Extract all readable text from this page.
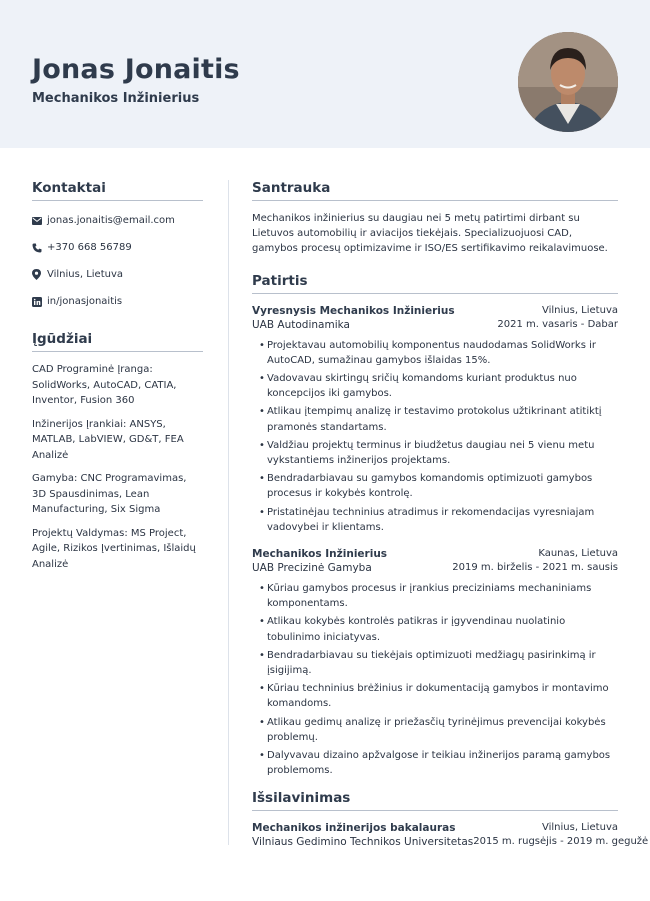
Jonas Jonaitis
Mechanikos Inžinierius
Kontaktai
jonas.jonaitis@email.com
+370 668 56789
Vilnius, Lietuva
in/jonasjonaitis
Įgūdžiai
CAD Programinė Įranga: SolidWorks, AutoCAD, CATIA, Inventor, Fusion 360
Inžinerijos Įrankiai: ANSYS, MATLAB, LabVIEW, GD&T, FEA Analizė
Gamyba: CNC Programavimas, 3D Spausdinimas, Lean Manufacturing, Six Sigma
Projektų Valdymas: MS Project, Agile, Rizikos Įvertinimas, Išlaidų Analizė
Santrauka
Mechanikos inžinierius su daugiau nei 5 metų patirtimi dirbant su Lietuvos automobilių ir aviacijos tiekėjais. Specializuojuosi CAD, gamybos procesų optimizavime ir ISO/ES sertifikavimo reikalavimuose.
Patirtis
Vyresnysis Mechanikos Inžinierius	Vilnius, Lietuva
UAB Autodinamika	2021 m. vasaris - Dabar
• Projektavau automobilių komponentus naudodamas SolidWorks ir AutoCAD, sumažinau gamybos išlaidas 15%.
• Vadovavau skirtingų sričių komandoms kuriant produktus nuo koncepcijos iki gamybos.
• Atlikau įtempimų analizę ir testavimo protokolus užtikrinant atitiktį pramonės standartams.
• Valdžiau projektų terminus ir biudžetus daugiau nei 5 vienu metu vykstantiems inžinerijos projektams.
• Bendradarbiavau su gamybos komandomis optimizuoti gamybos procesus ir kokybės kontrolę.
• Pristatinėjau techninius atradimus ir rekomendacijas vyresniajam vadovybei ir klientams.
Mechanikos Inžinierius	Kaunas, Lietuva
UAB Precizinė Gamyba	2019 m. birželis - 2021 m. sausis
• Kūriau gamybos procesus ir įrankius preciziniams mechaniniams komponentams.
• Atlikau kokybės kontrolės patikras ir įgyvendinau nuolatinio tobulinimo iniciatyvas.
• Bendradarbiavau su tiekėjais optimizuoti medžiagų pasirinkimą ir įsigijimą.
• Kūriau techninius brėžinius ir dokumentaciją gamybos ir montavimo komandoms.
• Atlikau gedimų analizę ir priežasčių tyrinėjimus prevencijai kokybės problemų.
• Dalyvavau dizaino apžvalgose ir teikiau inžinerijos paramą gamybos problemoms.
Išsilavinimas
Mechanikos inžinerijos bakalauras	Vilnius, Lietuva
Vilniaus Gedimino Technikos Universitetas 2015 m. rugsėjis - 2019 m. gegužė
